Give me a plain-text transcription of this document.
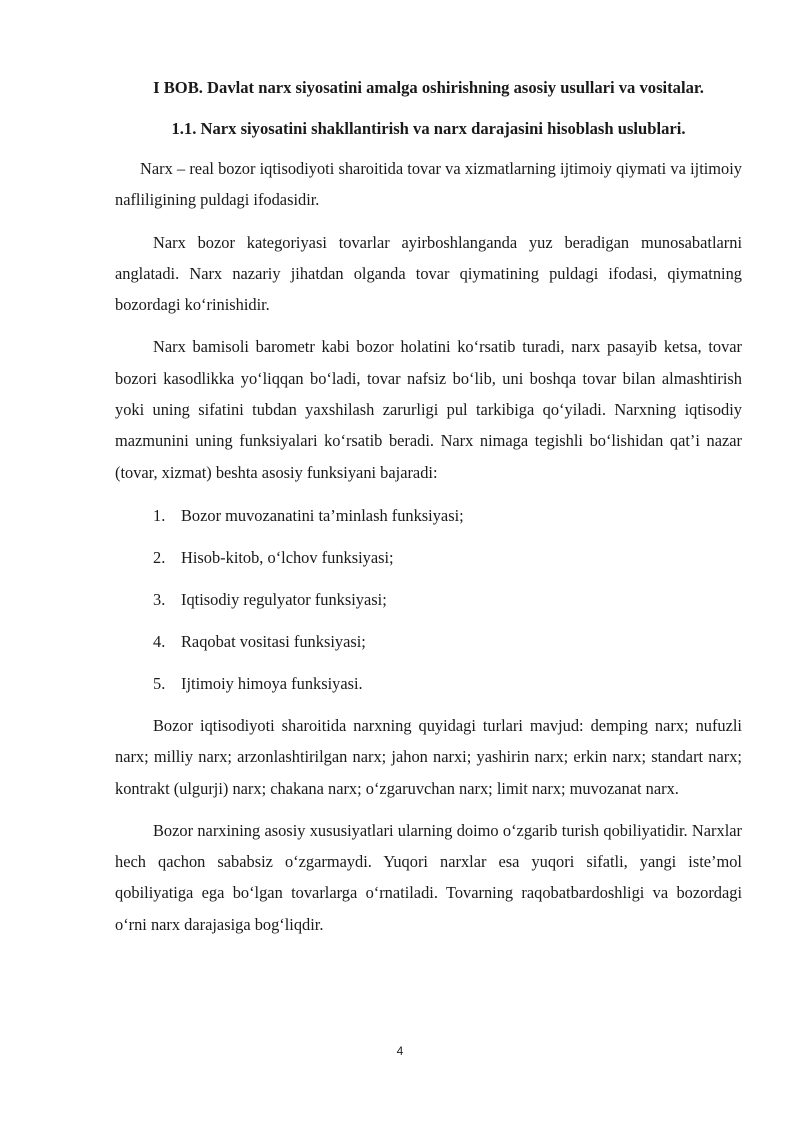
I BOB. Davlat narx siyosatini amalga oshirishning asosiy usullari va vositalar.
1.1. Narx siyosatini shakllantirish va narx darajasini hisoblash uslublari.

Narx – real bozor iqtisodiyoti sharoitida tovar va xizmatlarning ijtimoiy qiymati va ijtimoiy nafliligining puldagi ifodasidir.

Narx bozor kategoriyasi tovarlar ayirboshlanganda yuz beradigan munosabatlarni anglatadi. Narx nazariy jihatdan olganda tovar qiymatining puldagi ifodasi, qiymatning bozordagi ko‘rinishidir.

Narx bamisoli barometr kabi bozor holatini ko‘rsatib turadi, narx pasayib ketsa, tovar bozori kasodlikka yo‘liqqan bo‘ladi, tovar nafsiz bo‘lib, uni boshqa tovar bilan almashtirish yoki uning sifatini tubdan yaxshilash zarurligi pul tarkibiga qo‘yiladi. Narxning iqtisodiy mazmunini uning funksiyalari ko‘rsatib beradi. Narx nimaga tegishli bo‘lishidan qat’i nazar (tovar, xizmat) beshta asosiy funksiyani bajaradi:

1. Bozor muvozanatini ta’minlash funksiyasi;
2. Hisob-kitob, o‘lchov funksiyasi;
3. Iqtisodiy regulyator funksiyasi;
4. Raqobat vositasi funksiyasi;
5. Ijtimoiy himoya funksiyasi.

Bozor iqtisodiyoti sharoitida narxning quyidagi turlari mavjud: demping narx; nufuzli narx; milliy narx; arzonlashtirilgan narx; jahon narxi; yashirin narx; erkin narx; standart narx; kontrakt (ulgurji) narx; chakana narx; o‘zgaruvchan narx; limit narx; muvozanat narx.

Bozor narxining asosiy xususiyatlari ularning doimo o‘zgarib turish qobiliyatidir. Narxlar hech qachon sababsiz o‘zgarmaydi. Yuqori narxlar esa yuqori sifatli, yangi iste’mol qobiliyatiga ega bo‘lgan tovarlarga o‘rnatiladi. Tovarning raqobatbardoshligi va bozordagi o‘rni narx darajasiga bog‘liqdir.

4
